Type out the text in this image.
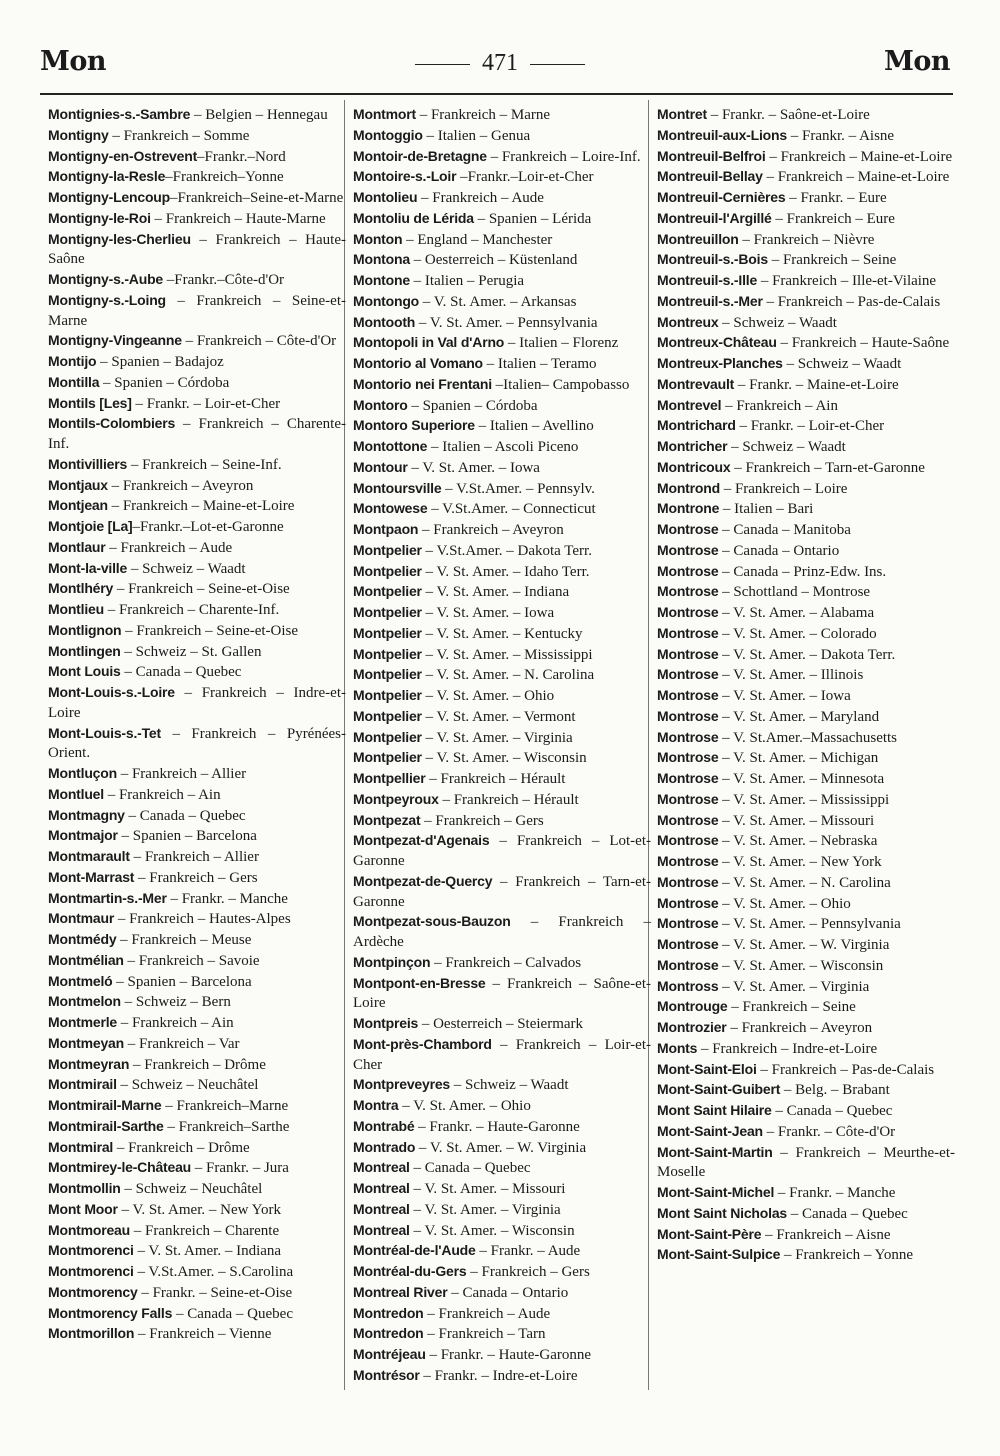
Mon	471	Mon
Montignies-s.-Sambre – Belgien – Hennegau
Montigny – Frankreich – Somme
Montigny-en-Ostrevent–Frankr.–Nord
Montigny-la-Resle–Frankreich–Yonne
Montigny-Lencoup–Frankreich–Seine-et-Marne
Montigny-le-Roi – Frankreich – Haute-Marne
Montigny-les-Cherlieu – Frankreich – Haute-Saône
Montigny-s.-Aube –Frankr.–Côte-d'Or
Montigny-s.-Loing – Frankreich – Seine-et-Marne
Montigny-Vingeanne – Frankreich – Côte-d'Or
Montijo – Spanien – Badajoz
Montilla – Spanien – Córdoba
Montils [Les] – Frankr. – Loir-et-Cher
Montils-Colombiers – Frankreich – Charente-Inf.
Montivilliers – Frankreich – Seine-Inf.
Montjaux – Frankreich – Aveyron
Montjean – Frankreich – Maine-et-Loire
Montjoie [La]–Frankr.–Lot-et-Garonne
Montlaur – Frankreich – Aude
Mont-la-ville – Schweiz – Waadt
Montlhéry – Frankreich – Seine-et-Oise
Montlieu – Frankreich – Charente-Inf.
Montlignon – Frankreich – Seine-et-Oise
Montlingen – Schweiz – St. Gallen
Mont Louis – Canada – Quebec
Mont-Louis-s.-Loire – Frankreich – Indre-et-Loire
Mont-Louis-s.-Tet – Frankreich – Pyrénées-Orient.
Montluçon – Frankreich – Allier
Montluel – Frankreich – Ain
Montmagny – Canada – Quebec
Montmajor – Spanien – Barcelona
Montmarault – Frankreich – Allier
Mont-Marrast – Frankreich – Gers
Montmartin-s.-Mer – Frankr. – Manche
Montmaur – Frankreich – Hautes-Alpes
Montmédy – Frankreich – Meuse
Montmélian – Frankreich – Savoie
Montmeló – Spanien – Barcelona
Montmelon – Schweiz – Bern
Montmerle – Frankreich – Ain
Montmeyan – Frankreich – Var
Montmeyran – Frankreich – Drôme
Montmirail – Schweiz – Neuchâtel
Montmirail-Marne – Frankreich–Marne
Montmirail-Sarthe – Frankreich–Sarthe
Montmiral – Frankreich – Drôme
Montmirey-le-Château – Frankr. – Jura
Montmollin – Schweiz – Neuchâtel
Mont Moor – V. St. Amer. – New York
Montmoreau – Frankreich – Charente
Montmorenci – V. St. Amer. – Indiana
Montmorenci – V.St.Amer. – S.Carolina
Montmorency – Frankr. – Seine-et-Oise
Montmorency Falls – Canada – Quebec
Montmorillon – Frankreich – Vienne
Montmort – Frankreich – Marne
Montoggio – Italien – Genua
Montoir-de-Bretagne – Frankreich – Loire-Inf.
Montoire-s.-Loir –Frankr.–Loir-et-Cher
Montolieu – Frankreich – Aude
Montoliu de Lérida – Spanien – Lérida
Monton – England – Manchester
Montona – Oesterreich – Küstenland
Montone – Italien – Perugia
Montongo – V. St. Amer. – Arkansas
Montooth – V. St. Amer. – Pennsylvania
Montopoli in Val d'Arno – Italien – Florenz
Montorio al Vomano – Italien – Teramo
Montorio nei Frentani –Italien– Campobasso
Montoro – Spanien – Córdoba
Montoro Superiore – Italien – Avellino
Montottone – Italien – Ascoli Piceno
Montour – V. St. Amer. – Iowa
Montoursville – V.St.Amer. – Pennsylv.
Montowese – V.St.Amer. – Connecticut
Montpaon – Frankreich – Aveyron
Montpelier – V.St.Amer. – Dakota Terr.
Montpelier – V. St. Amer. – Idaho Terr.
Montpelier – V. St. Amer. – Indiana
Montpelier – V. St. Amer. – Iowa
Montpelier – V. St. Amer. – Kentucky
Montpelier – V. St. Amer. – Mississippi
Montpelier – V. St. Amer. – N. Carolina
Montpelier – V. St. Amer. – Ohio
Montpelier – V. St. Amer. – Vermont
Montpelier – V. St. Amer. – Virginia
Montpelier – V. St. Amer. – Wisconsin
Montpellier – Frankreich – Hérault
Montpeyroux – Frankreich – Hérault
Montpezat – Frankreich – Gers
Montpezat-d'Agenais – Frankreich – Lot-et-Garonne
Montpezat-de-Quercy – Frankreich – Tarn-et-Garonne
Montpezat-sous-Bauzon – Frankreich – Ardèche
Montpinçon – Frankreich – Calvados
Montpont-en-Bresse – Frankreich – Saône-et-Loire
Montpreis – Oesterreich – Steiermark
Mont-près-Chambord – Frankreich – Loir-et-Cher
Montpreveyres – Schweiz – Waadt
Montra – V. St. Amer. – Ohio
Montrabé – Frankr. – Haute-Garonne
Montrado – V. St. Amer. – W. Virginia
Montreal – Canada – Quebec
Montreal – V. St. Amer. – Missouri
Montreal – V. St. Amer. – Virginia
Montreal – V. St. Amer. – Wisconsin
Montréal-de-l'Aude – Frankr. – Aude
Montréal-du-Gers – Frankreich – Gers
Montreal River – Canada – Ontario
Montredon – Frankreich – Aude
Montredon – Frankreich – Tarn
Montréjeau – Frankr. – Haute-Garonne
Montrésor – Frankr. – Indre-et-Loire
Montret – Frankr. – Saône-et-Loire
Montreuil-aux-Lions – Frankr. – Aisne
Montreuil-Belfroi – Frankreich – Maine-et-Loire
Montreuil-Bellay – Frankreich – Maine-et-Loire
Montreuil-Cernières – Frankr. – Eure
Montreuil-l'Argillé – Frankreich – Eure
Montreuillon – Frankreich – Nièvre
Montreuil-s.-Bois – Frankreich – Seine
Montreuil-s.-Ille – Frankreich – Ille-et-Vilaine
Montreuil-s.-Mer – Frankreich – Pas-de-Calais
Montreux – Schweiz – Waadt
Montreux-Château – Frankreich – Haute-Saône
Montreux-Planches – Schweiz – Waadt
Montrevault – Frankr. – Maine-et-Loire
Montrevel – Frankreich – Ain
Montrichard – Frankr. – Loir-et-Cher
Montricher – Schweiz – Waadt
Montricoux – Frankreich – Tarn-et-Garonne
Montrond – Frankreich – Loire
Montrone – Italien – Bari
Montrose – Canada – Manitoba
Montrose – Canada – Ontario
Montrose – Canada – Prinz-Edw. Ins.
Montrose – Schottland – Montrose
Montrose – V. St. Amer. – Alabama
Montrose – V. St. Amer. – Colorado
Montrose – V. St. Amer. – Dakota Terr.
Montrose – V. St. Amer. – Illinois
Montrose – V. St. Amer. – Iowa
Montrose – V. St. Amer. – Maryland
Montrose – V. St.Amer.–Massachusetts
Montrose – V. St. Amer. – Michigan
Montrose – V. St. Amer. – Minnesota
Montrose – V. St. Amer. – Mississippi
Montrose – V. St. Amer. – Missouri
Montrose – V. St. Amer. – Nebraska
Montrose – V. St. Amer. – New York
Montrose – V. St. Amer. – N. Carolina
Montrose – V. St. Amer. – Ohio
Montrose – V. St. Amer. – Pennsylvania
Montrose – V. St. Amer. – W. Virginia
Montrose – V. St. Amer. – Wisconsin
Montross – V. St. Amer. – Virginia
Montrouge – Frankreich – Seine
Montrozier – Frankreich – Aveyron
Monts – Frankreich – Indre-et-Loire
Mont-Saint-Eloi – Frankreich – Pas-de-Calais
Mont-Saint-Guibert – Belg. – Brabant
Mont Saint Hilaire – Canada – Quebec
Mont-Saint-Jean – Frankr. – Côte-d'Or
Mont-Saint-Martin – Frankreich – Meurthe-et-Moselle
Mont-Saint-Michel – Frankr. – Manche
Mont Saint Nicholas – Canada – Quebec
Mont-Saint-Père – Frankreich – Aisne
Mont-Saint-Sulpice – Frankreich – Yonne
